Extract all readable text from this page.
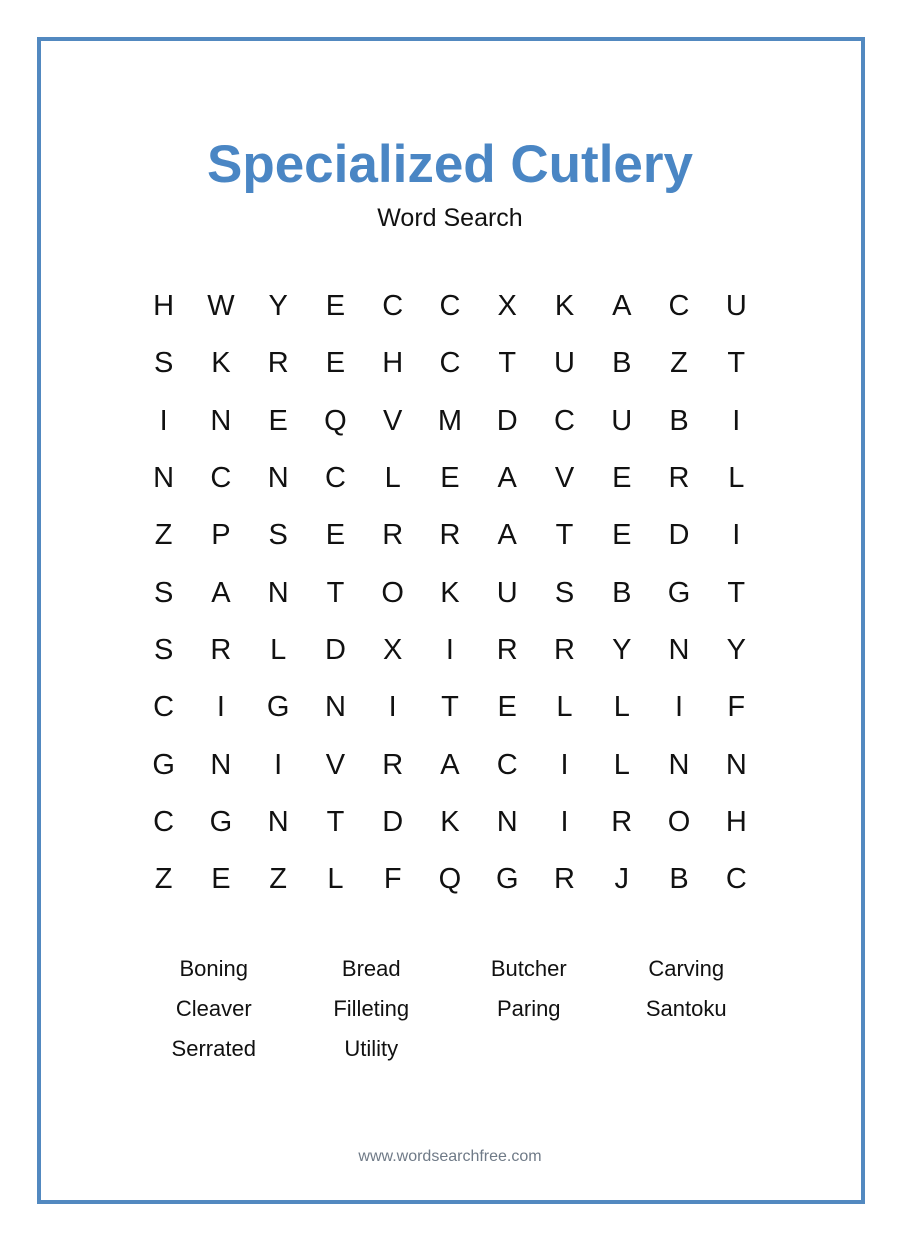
Specialized Cutlery
Word Search
H	W	Y	E	C	C	X	K	A	C	U
S	K	R	E	H	C	T	U	B	Z	T
I	N	E	Q	V	M	D	C	U	B	I
N	C	N	C	L	E	A	V	E	R	L
Z	P	S	E	R	R	A	T	E	D	I
S	A	N	T	O	K	U	S	B	G	T
S	R	L	D	X	I	R	R	Y	N	Y
C	I	G	N	I	T	E	L	L	I	F
G	N	I	V	R	A	C	I	L	N	N
C	G	N	T	D	K	N	I	R	O	H
Z	E	Z	L	F	Q	G	R	J	B	C
Boning	Bread	Butcher	Carving
Cleaver	Filleting	Paring	Santoku
Serrated	Utility
www.wordsearchfree.com
